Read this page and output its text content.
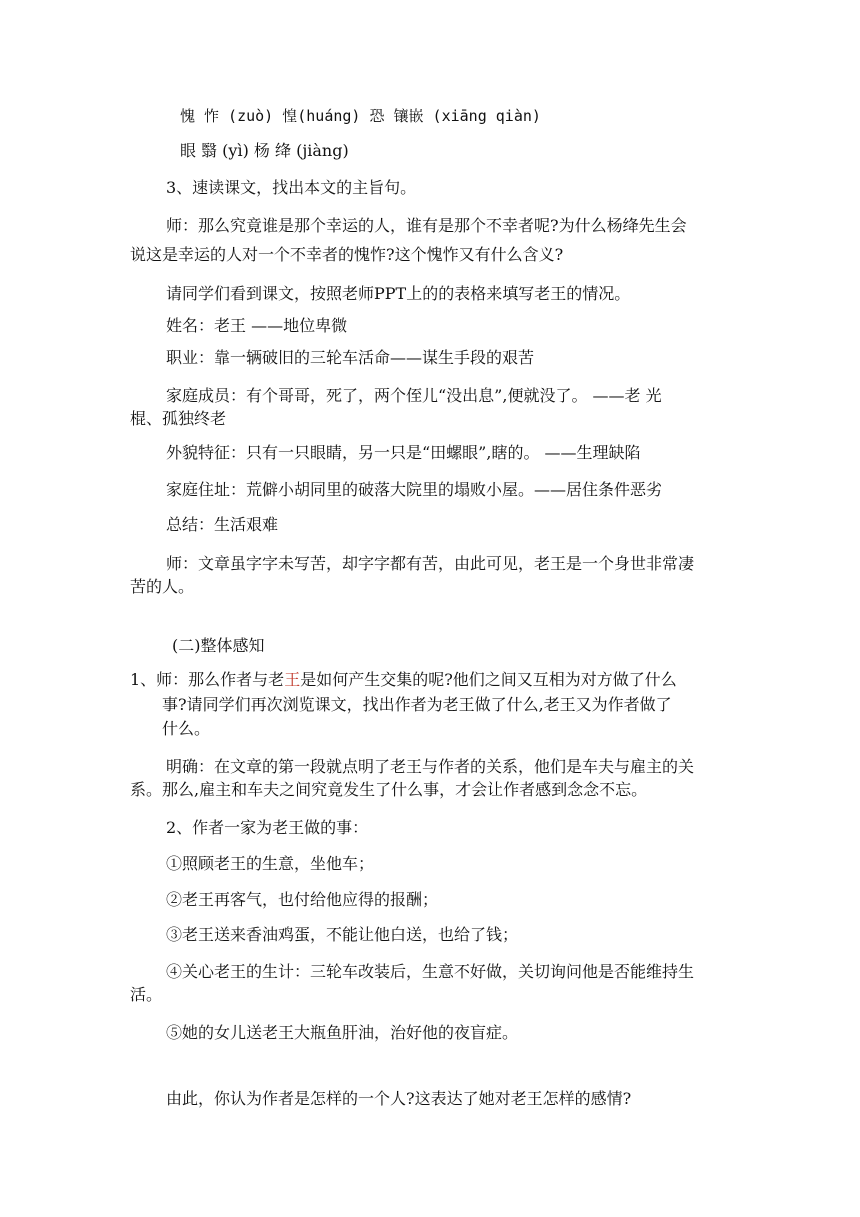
愧 怍 (zuò) 惶(huáng) 恐 镶嵌 (xiāng qiàn)
眼 翳 (yì) 杨 绛 (jiàng)
3、速读课文，找出本文的主旨句。
师：那么究竟谁是那个幸运的人，谁有是那个不幸者呢?为什么杨绛先生会
说这是幸运的人对一个不幸者的愧怍?这个愧怍又有什么含义?
请同学们看到课文，按照老师PPT上的的表格来填写老王的情况。
姓名：老王 ——地位卑微
职业：靠一辆破旧的三轮车活命——谋生手段的艰苦
家庭成员：有个哥哥，死了，两个侄儿“没出息”,便就没了。 ——老 光
棍、孤独终老
外貌特征：只有一只眼睛，另一只是“田螺眼”,瞎的。 ——生理缺陷
家庭住址：荒僻小胡同里的破落大院里的塌败小屋。——居住条件恶劣
总结：生活艰难
师：文章虽字字未写苦，却字字都有苦，由此可见，老王是一个身世非常凄
苦的人。
(二)整体感知
1、师：那么作者与老王是如何产生交集的呢?他们之间又互相为对方做了什么
事?请同学们再次浏览课文，找出作者为老王做了什么,老王又为作者做了
什么。
明确：在文章的第一段就点明了老王与作者的关系，他们是车夫与雇主的关
系。那么,雇主和车夫之间究竟发生了什么事，才会让作者感到念念不忘。
2、作者一家为老王做的事：
①照顾老王的生意，坐他车；
②老王再客气，也付给他应得的报酬；
③老王送来香油鸡蛋，不能让他白送，也给了钱；
④关心老王的生计：三轮车改装后，生意不好做，关切询问他是否能维持生
活。
⑤她的女儿送老王大瓶鱼肝油，治好他的夜盲症。
由此，你认为作者是怎样的一个人?这表达了她对老王怎样的感情?
